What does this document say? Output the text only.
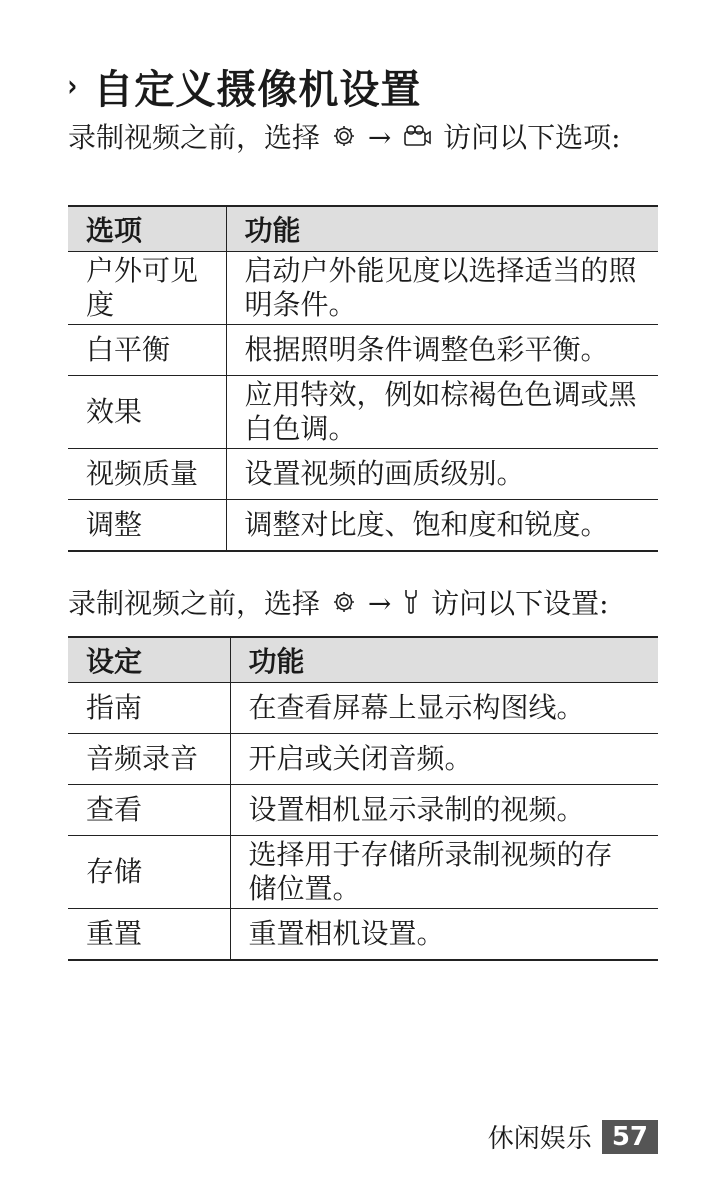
› 自定义摄像机设置
录制视频之前，选择 → 访问以下选项:
选项	功能
户外可见度	启动户外能见度以选择适当的照明条件。
白平衡	根据照明条件调整色彩平衡。
效果	应用特效，例如棕褐色色调或黑白色调。
视频质量	设置视频的画质级别。
调整	调整对比度、饱和度和锐度。
录制视频之前，选择 → 访问以下设置:
设定	功能
指南	在查看屏幕上显示构图线。
音频录音	开启或关闭音频。
查看	设置相机显示录制的视频。
存储	选择用于存储所录制视频的存储位置。
重置	重置相机设置。
休闲娱乐 57
